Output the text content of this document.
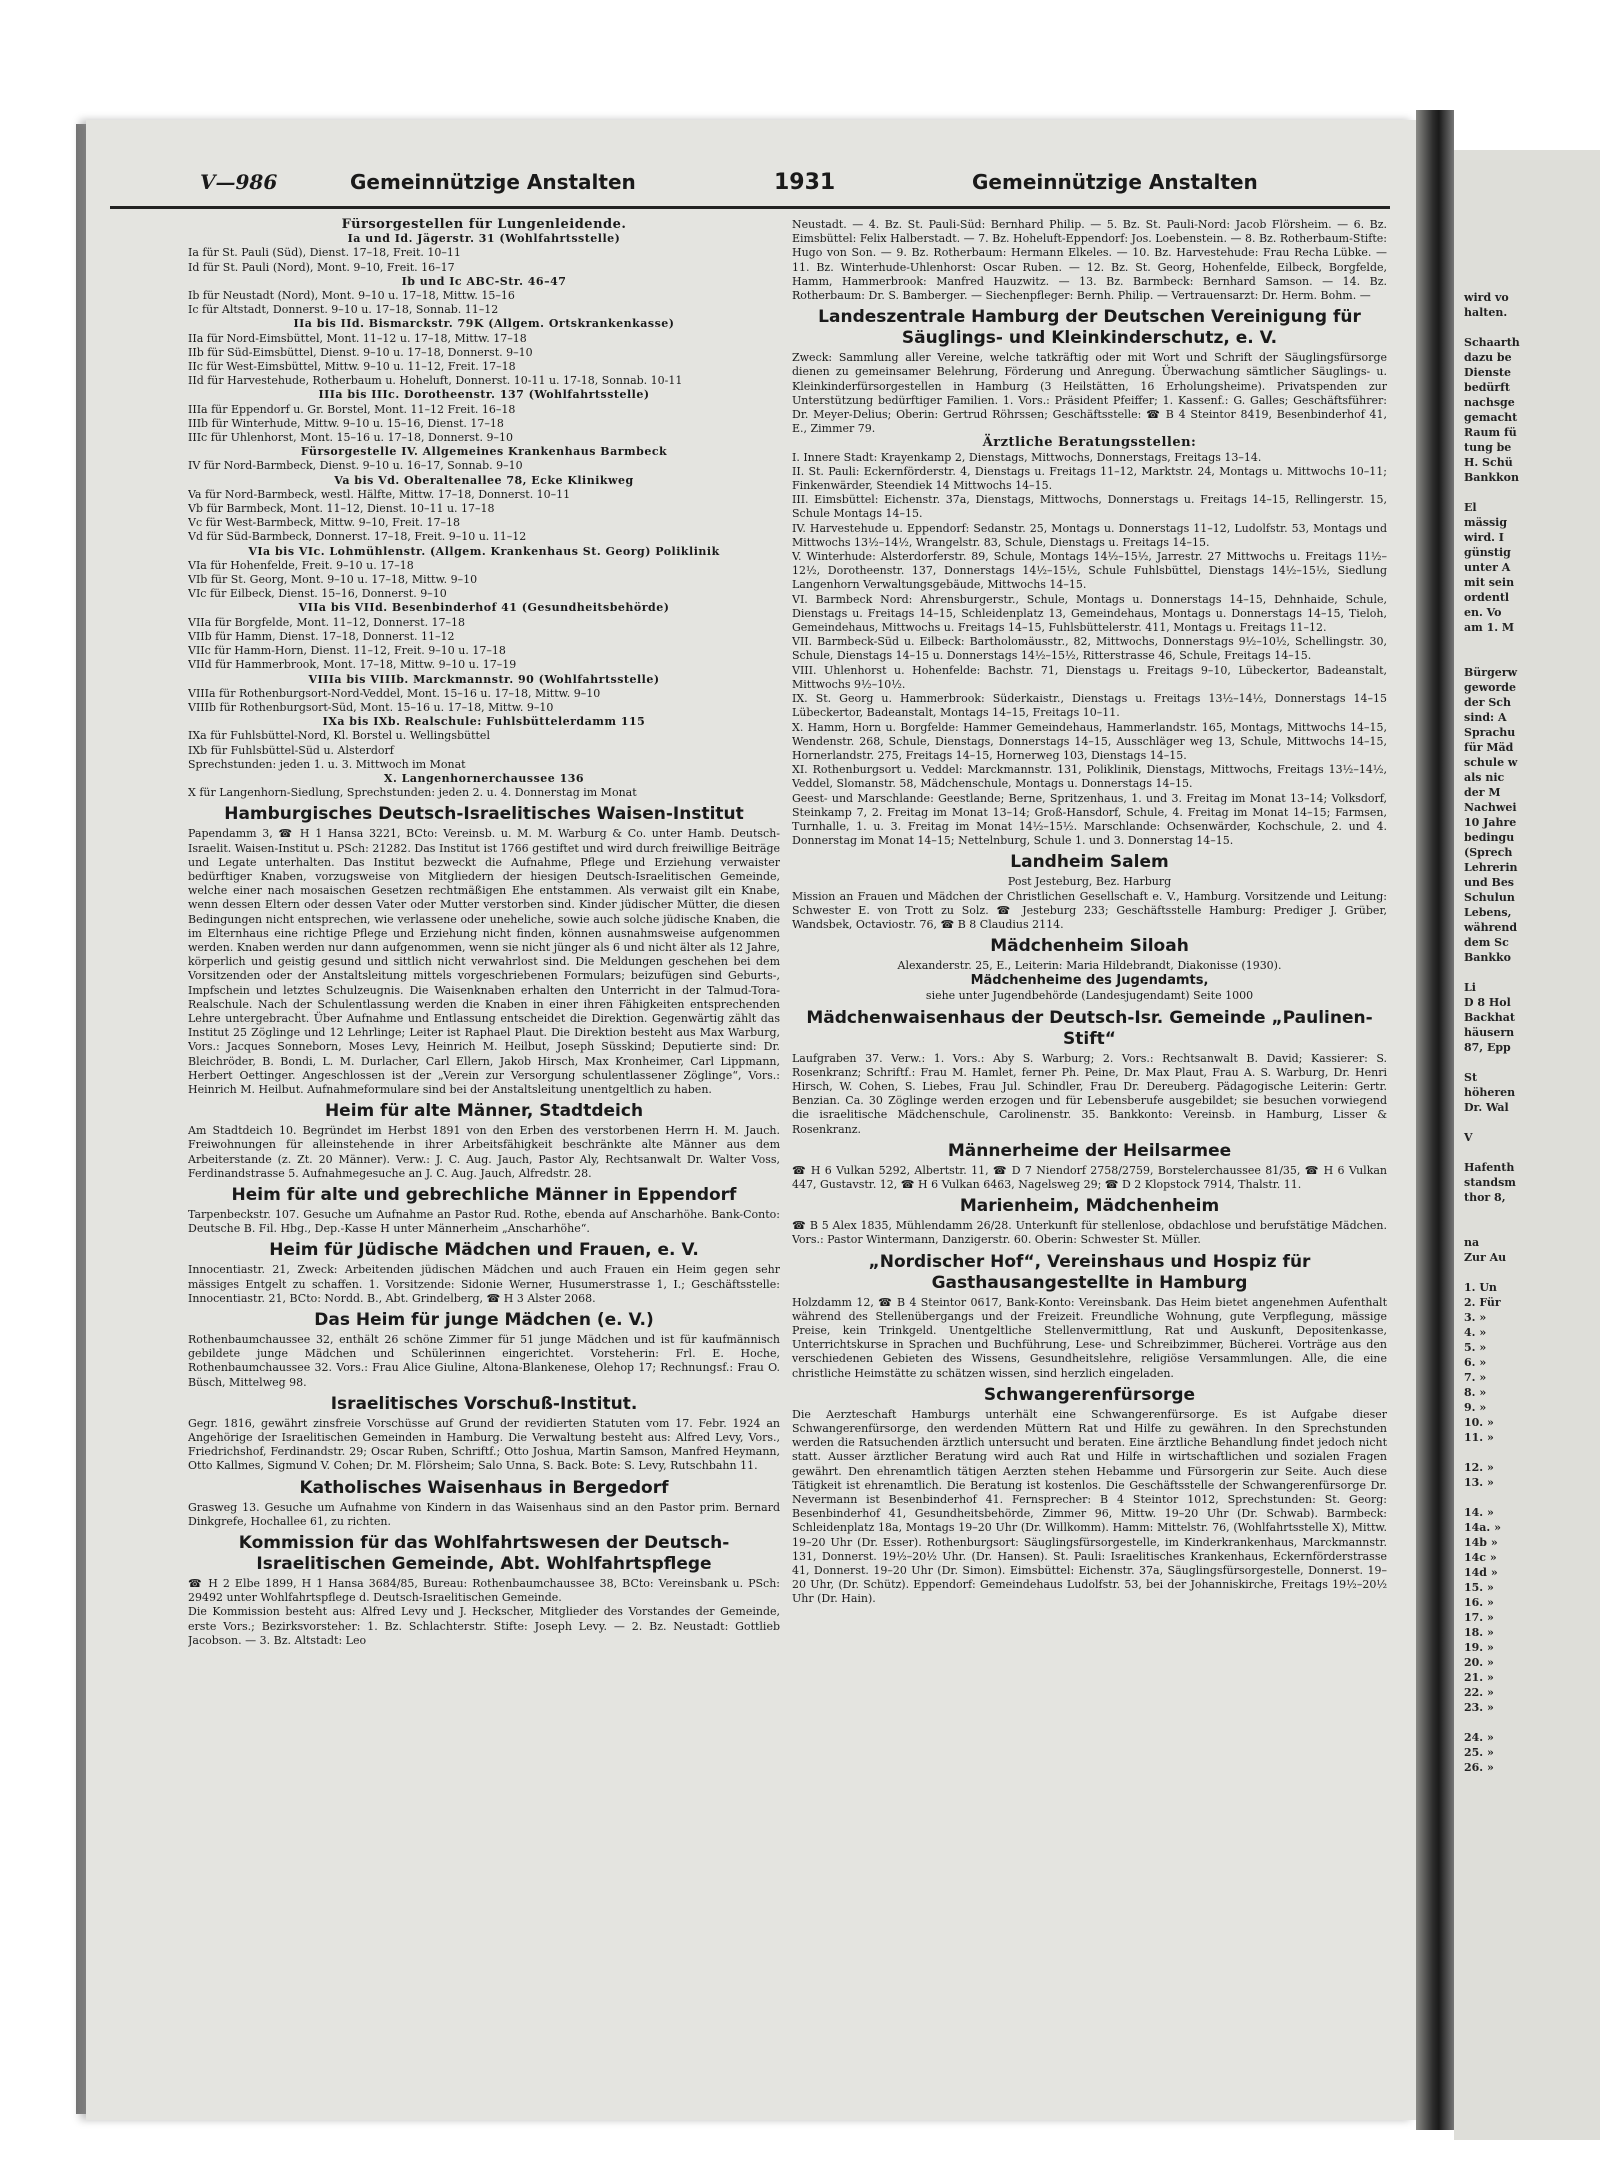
wird vo
halten.

Schaarth
dazu be
Dienste
bedürft
nachsge
gemacht
Raum fü
tung be
H. Schü
Bankkon

El
mässig
wird. I
günstig
unter A
mit sein
ordentl
en. Vo
am 1. M

Bürgerw
geworde
der Sch
sind: A
Sprachu
für Mäd
schule w
als nic
der M
Nachwei
10 Jahre
bedingu
(Sprech
Lehrerin
und Bes
Schulun
Lebens,
während
dem Sc
Bankko

Li
D 8 Hol
Backhat
häusern
87, Epp

St
höheren
Dr. Wal

V

Hafenth
standsm
thor 8,

na
Zur Au

1. Un
2. Für
3. »
4. »
5. »
6. »
7. »
8. »
9. »
10. »
11. »

12. »
13. »

14. »
14a. »
14b »
14c »
14d »
15. »
16. »
17. »
18. »
19. »
20. »
21. »
22. »
23. »

24. »
25. »
26. »
V—986	Gemeinnützige Anstalten	1931	Gemeinnützige Anstalten
Fürsorgestellen für Lungenleidende.
Ia und Id. Jägerstr. 31 (Wohlfahrtsstelle)
Ia für St. Pauli (Süd), Dienst. 17–18, Freit. 10–11
Id für St. Pauli (Nord), Mont. 9–10, Freit. 16–17
Ib und Ic ABC-Str. 46–47
Ib für Neustadt (Nord), Mont. 9–10 u. 17–18, Mittw. 15–16
Ic für Altstadt, Donnerst. 9–10 u. 17–18, Sonnab. 11–12
IIa bis IId. Bismarckstr. 79K (Allgem. Ortskrankenkasse)
IIa für Nord-Eimsbüttel, Mont. 11–12 u. 17–18, Mittw. 17–18
IIb für Süd-Eimsbüttel, Dienst. 9–10 u. 17–18, Donnerst. 9–10
IIc für West-Eimsbüttel, Mittw. 9–10 u. 11–12, Freit. 17–18
IId für Harvestehude, Rotherbaum u. Hoheluft, Donnerst. 10-11 u. 17-18, Sonnab. 10-11
IIIa bis IIIc. Dorotheenstr. 137 (Wohlfahrtsstelle)
IIIa für Eppendorf u. Gr. Borstel, Mont. 11–12 Freit. 16–18
IIIb für Winterhude, Mittw. 9–10 u. 15–16, Dienst. 17–18
IIIc für Uhlenhorst, Mont. 15–16 u. 17–18, Donnerst. 9–10
Fürsorgestelle IV. Allgemeines Krankenhaus Barmbeck
IV für Nord-Barmbeck, Dienst. 9–10 u. 16–17, Sonnab. 9–10
Va bis Vd. Oberaltenallee 78, Ecke Klinikweg
Va für Nord-Barmbeck, westl. Hälfte, Mittw. 17–18, Donnerst. 10–11
Vb für Barmbeck, Mont. 11–12, Dienst. 10–11 u. 17–18
Vc für West-Barmbeck, Mittw. 9–10, Freit. 17–18
Vd für Süd-Barmbeck, Donnerst. 17–18, Freit. 9–10 u. 11–12
VIa bis VIc. Lohmühlenstr. (Allgem. Krankenhaus St. Georg) Poliklinik
VIa für Hohenfelde, Freit. 9–10 u. 17–18
VIb für St. Georg, Mont. 9–10 u. 17–18, Mittw. 9–10
VIc für Eilbeck, Dienst. 15–16, Donnerst. 9–10
VIIa bis VIId. Besenbinderhof 41 (Gesundheitsbehörde)
VIIa für Borgfelde, Mont. 11–12, Donnerst. 17–18
VIIb für Hamm, Dienst. 17–18, Donnerst. 11–12
VIIc für Hamm-Horn, Dienst. 11–12, Freit. 9–10 u. 17–18
VIId für Hammerbrook, Mont. 17–18, Mittw. 9–10 u. 17–19
VIIIa bis VIIIb. Marckmannstr. 90 (Wohlfahrtsstelle)
VIIIa für Rothenburgsort-Nord-Veddel, Mont. 15–16 u. 17–18, Mittw. 9–10
VIIIb für Rothenburgsort-Süd, Mont. 15–16 u. 17–18, Mittw. 9–10
IXa bis IXb. Realschule: Fuhlsbüttelerdamm 115
IXa für Fuhlsbüttel-Nord, Kl. Borstel u. Wellingsbüttel
IXb für Fuhlsbüttel-Süd u. Alsterdorf
Sprechstunden: jeden 1. u. 3. Mittwoch im Monat
X. Langenhornerchaussee 136
X für Langenhorn-Siedlung, Sprechstunden: jeden 2. u. 4. Donnerstag im Monat
Hamburgisches Deutsch-Israelitisches Waisen-Institut
Papendamm 3, ☎ H 1 Hansa 3221, BCto: Vereinsb. u. M. M. Warburg & Co. unter Hamb. Deutsch-Israelit. Waisen-Institut u. PSch: 21282. Das Institut ist 1766 gestiftet und wird durch freiwillige Beiträge und Legate unterhalten. Das Institut bezweckt die Aufnahme, Pflege und Erziehung verwaister bedürftiger Knaben, vorzugsweise von Mitgliedern der hiesigen Deutsch-Israelitischen Gemeinde, welche einer nach mosaischen Gesetzen rechtmäßigen Ehe entstammen. Als verwaist gilt ein Knabe, wenn dessen Eltern oder dessen Vater oder Mutter verstorben sind. Kinder jüdischer Mütter, die diesen Bedingungen nicht entsprechen, wie verlassene oder uneheliche, sowie auch solche jüdische Knaben, die im Elternhaus eine richtige Pflege und Erziehung nicht finden, können ausnahmsweise aufgenommen werden. Knaben werden nur dann aufgenommen, wenn sie nicht jünger als 6 und nicht älter als 12 Jahre, körperlich und geistig gesund und sittlich nicht verwahrlost sind. Die Meldungen geschehen bei dem Vorsitzenden oder der Anstaltsleitung mittels vorgeschriebenen Formulars; beizufügen sind Geburts-, Impfschein und letztes Schulzeugnis. Die Waisenknaben erhalten den Unterricht in der Talmud-Tora-Realschule. Nach der Schulentlassung werden die Knaben in einer ihren Fähigkeiten entsprechenden Lehre untergebracht. Über Aufnahme und Entlassung entscheidet die Direktion. Gegenwärtig zählt das Institut 25 Zöglinge und 12 Lehrlinge; Leiter ist Raphael Plaut. Die Direktion besteht aus Max Warburg, Vors.: Jacques Sonneborn, Moses Levy, Heinrich M. Heilbut, Joseph Süsskind; Deputierte sind: Dr. Bleichröder, B. Bondi, L. M. Durlacher, Carl Ellern, Jakob Hirsch, Max Kronheimer, Carl Lippmann, Herbert Oettinger. Angeschlossen ist der „Verein zur Versorgung schulentlassener Zöglinge“, Vors.: Heinrich M. Heilbut. Aufnahmeformulare sind bei der Anstaltsleitung unentgeltlich zu haben.
Heim für alte Männer, Stadtdeich
Am Stadtdeich 10. Begründet im Herbst 1891 von den Erben des verstorbenen Herrn H. M. Jauch. Freiwohnungen für alleinstehende in ihrer Arbeitsfähigkeit beschränkte alte Männer aus dem Arbeiterstande (z. Zt. 20 Männer). Verw.: J. C. Aug. Jauch, Pastor Aly, Rechtsanwalt Dr. Walter Voss, Ferdinandstrasse 5. Aufnahmegesuche an J. C. Aug. Jauch, Alfredstr. 28.
Heim für alte und gebrechliche Männer in Eppendorf
Tarpenbeckstr. 107. Gesuche um Aufnahme an Pastor Rud. Rothe, ebenda auf Anscharhöhe. Bank-Conto: Deutsche B. Fil. Hbg., Dep.-Kasse H unter Männerheim „Anscharhöhe“.
Heim für Jüdische Mädchen und Frauen, e. V.
Innocentiastr. 21, Zweck: Arbeitenden jüdischen Mädchen und auch Frauen ein Heim gegen sehr mässiges Entgelt zu schaffen. 1. Vorsitzende: Sidonie Werner, Husumerstrasse 1, I.; Geschäftsstelle: Innocentiastr. 21, BCto: Nordd. B., Abt. Grindelberg, ☎ H 3 Alster 2068.
Das Heim für junge Mädchen (e. V.)
Rothenbaumchaussee 32, enthält 26 schöne Zimmer für 51 junge Mädchen und ist für kaufmännisch gebildete junge Mädchen und Schülerinnen eingerichtet. Vorsteherin: Frl. E. Hoche, Rothenbaumchaussee 32. Vors.: Frau Alice Giuline, Altona-Blankenese, Olehop 17; Rechnungsf.: Frau O. Büsch, Mittelweg 98.
Israelitisches Vorschuß-Institut.
Gegr. 1816, gewährt zinsfreie Vorschüsse auf Grund der revidierten Statuten vom 17. Febr. 1924 an Angehörige der Israelitischen Gemeinden in Hamburg. Die Verwaltung besteht aus: Alfred Levy, Vors., Friedrichshof, Ferdinandstr. 29; Oscar Ruben, Schriftf.; Otto Joshua, Martin Samson, Manfred Heymann, Otto Kallmes, Sigmund V. Cohen; Dr. M. Flörsheim; Salo Unna, S. Back. Bote: S. Levy, Rutschbahn 11.
Katholisches Waisenhaus in Bergedorf
Grasweg 13. Gesuche um Aufnahme von Kindern in das Waisenhaus sind an den Pastor prim. Bernard Dinkgrefe, Hochallee 61, zu richten.
Kommission für das Wohlfahrtswesen der Deutsch-Israelitischen Gemeinde, Abt. Wohlfahrtspflege
☎ H 2 Elbe 1899, H 1 Hansa 3684/85, Bureau: Rothenbaumchaussee 38, BCto: Vereinsbank u. PSch: 29492 unter Wohlfahrtspflege d. Deutsch-Israelitischen Gemeinde.
Die Kommission besteht aus: Alfred Levy und J. Heckscher, Mitglieder des Vorstandes der Gemeinde, erste Vors.; Bezirksvorsteher: 1. Bz. Schlachterstr. Stifte: Joseph Levy. — 2. Bz. Neustadt: Gottlieb Jacobson. — 3. Bz. Altstadt: Leo
Neustadt. — 4. Bz. St. Pauli-Süd: Bernhard Philip. — 5. Bz. St. Pauli-Nord: Jacob Flörsheim. — 6. Bz. Eimsbüttel: Felix Halberstadt. — 7. Bz. Hoheluft-Eppendorf: Jos. Loebenstein. — 8. Bz. Rotherbaum-Stifte: Hugo von Son. — 9. Bz. Rotherbaum: Hermann Elkeles. — 10. Bz. Harvestehude: Frau Recha Lübke. — 11. Bz. Winterhude-Uhlenhorst: Oscar Ruben. — 12. Bz. St. Georg, Hohenfelde, Eilbeck, Borgfelde, Hamm, Hammerbrook: Manfred Hauzwitz. — 13. Bz. Barmbeck: Bernhard Samson. — 14. Bz. Rotherbaum: Dr. S. Bamberger. — Siechenpfleger: Bernh. Philip. — Vertrauensarzt: Dr. Herm. Bohm. —
Landeszentrale Hamburg der Deutschen Vereinigung für Säuglings- und Kleinkinderschutz, e. V.
Zweck: Sammlung aller Vereine, welche tatkräftig oder mit Wort und Schrift der Säuglingsfürsorge dienen zu gemeinsamer Belehrung, Förderung und Anregung. Überwachung sämtlicher Säuglings- u. Kleinkinderfürsorgestellen in Hamburg (3 Heilstätten, 16 Erholungsheime). Privatspenden zur Unterstützung bedürftiger Familien. 1. Vors.: Präsident Pfeiffer; 1. Kassenf.: G. Galles; Geschäftsführer: Dr. Meyer-Delius; Oberin: Gertrud Röhrssen; Geschäftsstelle: ☎ B 4 Steintor 8419, Besenbinderhof 41, E., Zimmer 79.
Ärztliche Beratungsstellen:
I. Innere Stadt: Krayenkamp 2, Dienstags, Mittwochs, Donnerstags, Freitags 13–14.
II. St. Pauli: Eckernförderstr. 4, Dienstags u. Freitags 11–12, Marktstr. 24, Montags u. Mittwochs 10–11; Finkenwärder, Steendiek 14 Mittwochs 14–15.
III. Eimsbüttel: Eichenstr. 37a, Dienstags, Mittwochs, Donnerstags u. Freitags 14–15, Rellingerstr. 15, Schule Montags 14–15.
IV. Harvestehude u. Eppendorf: Sedanstr. 25, Montags u. Donnerstags 11–12, Ludolfstr. 53, Montags und Mittwochs 13½–14½, Wrangelstr. 83, Schule, Dienstags u. Freitags 14–15.
V. Winterhude: Alsterdorferstr. 89, Schule, Montags 14½–15½, Jarrestr. 27 Mittwochs u. Freitags 11½–12½, Dorotheenstr. 137, Donnerstags 14½–15½, Schule Fuhlsbüttel, Dienstags 14½–15½, Siedlung Langenhorn Verwaltungsgebäude, Mittwochs 14–15.
VI. Barmbeck Nord: Ahrensburgerstr., Schule, Montags u. Donnerstags 14–15, Dehnhaide, Schule, Dienstags u. Freitags 14–15, Schleidenplatz 13, Gemeindehaus, Montags u. Donnerstags 14–15, Tieloh, Gemeindehaus, Mittwochs u. Freitags 14–15, Fuhlsbüttelerstr. 411, Montags u. Freitags 11–12.
VII. Barmbeck-Süd u. Eilbeck: Bartholomäusstr., 82, Mittwochs, Donnerstags 9½–10½, Schellingstr. 30, Schule, Dienstags 14–15 u. Donnerstags 14½–15½, Ritterstrasse 46, Schule, Freitags 14–15.
VIII. Uhlenhorst u. Hohenfelde: Bachstr. 71, Dienstags u. Freitags 9–10, Lübeckertor, Badeanstalt, Mittwochs 9½–10½.
IX. St. Georg u. Hammerbrook: Süderkaistr., Dienstags u. Freitags 13½–14½, Donnerstags 14–15 Lübeckertor, Badeanstalt, Montags 14–15, Freitags 10–11.
X. Hamm, Horn u. Borgfelde: Hammer Gemeindehaus, Hammerlandstr. 165, Montags, Mittwochs 14–15, Wendenstr. 268, Schule, Dienstags, Donnerstags 14–15, Ausschläger weg 13, Schule, Mittwochs 14–15, Hornerlandstr. 275, Freitags 14–15, Hornerweg 103, Dienstags 14–15.
XI. Rothenburgsort u. Veddel: Marckmannstr. 131, Poliklinik, Dienstags, Mittwochs, Freitags 13½–14½, Veddel, Slomanstr. 58, Mädchenschule, Montags u. Donnerstags 14–15.
Geest- und Marschlande: Geestlande; Berne, Spritzenhaus, 1. und 3. Freitag im Monat 13–14; Volksdorf, Steinkamp 7, 2. Freitag im Monat 13–14; Groß-Hansdorf, Schule, 4. Freitag im Monat 14–15; Farmsen, Turnhalle, 1. u. 3. Freitag im Monat 14½–15½. Marschlande: Ochsenwärder, Kochschule, 2. und 4. Donnerstag im Monat 14–15; Nettelnburg, Schule 1. und 3. Donnerstag 14–15.
Landheim Salem
Post Jesteburg, Bez. Harburg
Mission an Frauen und Mädchen der Christlichen Gesellschaft e. V., Hamburg. Vorsitzende und Leitung: Schwester E. von Trott zu Solz. ☎ Jesteburg 233; Geschäftsstelle Hamburg: Prediger J. Grüber, Wandsbek, Octaviostr. 76, ☎ B 8 Claudius 2114.
Mädchenheim Siloah
Alexanderstr. 25, E., Leiterin: Maria Hildebrandt, Diakonisse (1930).
Mädchenheime des Jugendamts,
siehe unter Jugendbehörde (Landesjugendamt) Seite 1000
Mädchenwaisenhaus der Deutsch-Isr. Gemeinde „Paulinen-Stift“
Laufgraben 37. Verw.: 1. Vors.: Aby S. Warburg; 2. Vors.: Rechtsanwalt B. David; Kassierer: S. Rosenkranz; Schriftf.: Frau M. Hamlet, ferner Ph. Peine, Dr. Max Plaut, Frau A. S. Warburg, Dr. Henri Hirsch, W. Cohen, S. Liebes, Frau Jul. Schindler, Frau Dr. Dereuberg. Pädagogische Leiterin: Gertr. Benzian. Ca. 30 Zöglinge werden erzogen und für Lebensberufe ausgebildet; sie besuchen vorwiegend die israelitische Mädchenschule, Carolinenstr. 35. Bankkonto: Vereinsb. in Hamburg, Lisser & Rosenkranz.
Männerheime der Heilsarmee
☎ H 6 Vulkan 5292, Albertstr. 11, ☎ D 7 Niendorf 2758/2759, Borstelerchaussee 81/35, ☎ H 6 Vulkan 447, Gustavstr. 12, ☎ H 6 Vulkan 6463, Nagelsweg 29; ☎ D 2 Klopstock 7914, Thalstr. 11.
Marienheim, Mädchenheim
☎ B 5 Alex 1835, Mühlendamm 26/28. Unterkunft für stellenlose, obdachlose und berufstätige Mädchen. Vors.: Pastor Wintermann, Danzigerstr. 60. Oberin: Schwester St. Müller.
„Nordischer Hof“, Vereinshaus und Hospiz für Gasthausangestellte in Hamburg
Holzdamm 12, ☎ B 4 Steintor 0617, Bank-Konto: Vereinsbank. Das Heim bietet angenehmen Aufenthalt während des Stellenübergangs und der Freizeit. Freundliche Wohnung, gute Verpflegung, mässige Preise, kein Trinkgeld. Unentgeltliche Stellenvermittlung, Rat und Auskunft, Depositenkasse, Unterrichtskurse in Sprachen und Buchführung, Lese- und Schreibzimmer, Bücherei. Vorträge aus den verschiedenen Gebieten des Wissens, Gesundheitslehre, religiöse Versammlungen. Alle, die eine christliche Heimstätte zu schätzen wissen, sind herzlich eingeladen.
Schwangerenfürsorge
Die Aerzteschaft Hamburgs unterhält eine Schwangerenfürsorge. Es ist Aufgabe dieser Schwangerenfürsorge, den werdenden Müttern Rat und Hilfe zu gewähren. In den Sprechstunden werden die Ratsuchenden ärztlich untersucht und beraten. Eine ärztliche Behandlung findet jedoch nicht statt. Ausser ärztlicher Beratung wird auch Rat und Hilfe in wirtschaftlichen und sozialen Fragen gewährt. Den ehrenamtlich tätigen Aerzten stehen Hebamme und Fürsorgerin zur Seite. Auch diese Tätigkeit ist ehrenamtlich. Die Beratung ist kostenlos. Die Geschäftsstelle der Schwangerenfürsorge Dr. Nevermann ist Besenbinderhof 41. Fernsprecher: B 4 Steintor 1012, Sprechstunden: St. Georg: Besenbinderhof 41, Gesundheitsbehörde, Zimmer 96, Mittw. 19–20 Uhr (Dr. Schwab). Barmbeck: Schleidenplatz 18a, Montags 19–20 Uhr (Dr. Willkomm). Hamm: Mittelstr. 76, (Wohlfahrtsstelle X), Mittw. 19–20 Uhr (Dr. Esser). Rothenburgsort: Säuglingsfürsorgestelle, im Kinderkrankenhaus, Marckmannstr. 131, Donnerst. 19½–20½ Uhr. (Dr. Hansen). St. Pauli: Israelitisches Krankenhaus, Eckernförderstrasse 41, Donnerst. 19–20 Uhr (Dr. Simon). Eimsbüttel: Eichenstr. 37a, Säuglingsfürsorgestelle, Donnerst. 19–20 Uhr, (Dr. Schütz). Eppendorf: Gemeindehaus Ludolfstr. 53, bei der Johanniskirche, Freitags 19½–20½ Uhr (Dr. Hain).
